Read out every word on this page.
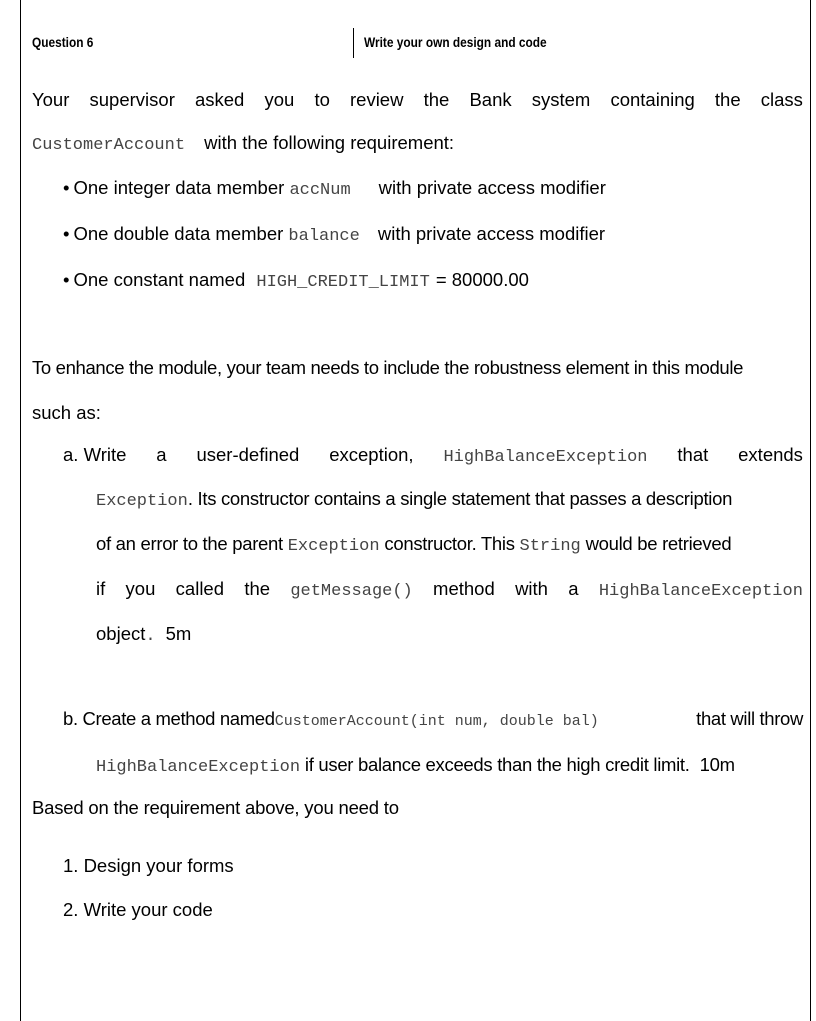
Question 6	Write your own design and code
Your supervisor asked you to review the Bank system containing the class
CustomerAccount with the following requirement:
• One integer data member accNum with private access modifier
• One double data member balance with private access modifier
• One constant named HIGH_CREDIT_LIMIT = 80000.00
To enhance the module, your team needs to include the robustness element in this module
such as:
a. Write a user-defined exception, HighBalanceException that extends
Exception. Its constructor contains a single statement that passes a description
of an error to the parent Exception constructor. This String would be retrieved
if you called the getMessage() method with a HighBalanceException
object. 5m
b. Create a method named CustomerAccount(int num, double bal)	that will throw
HighBalanceException if user balance exceeds than the high credit limit. 10m
Based on the requirement above, you need to
1. Design your forms
2. Write your code
